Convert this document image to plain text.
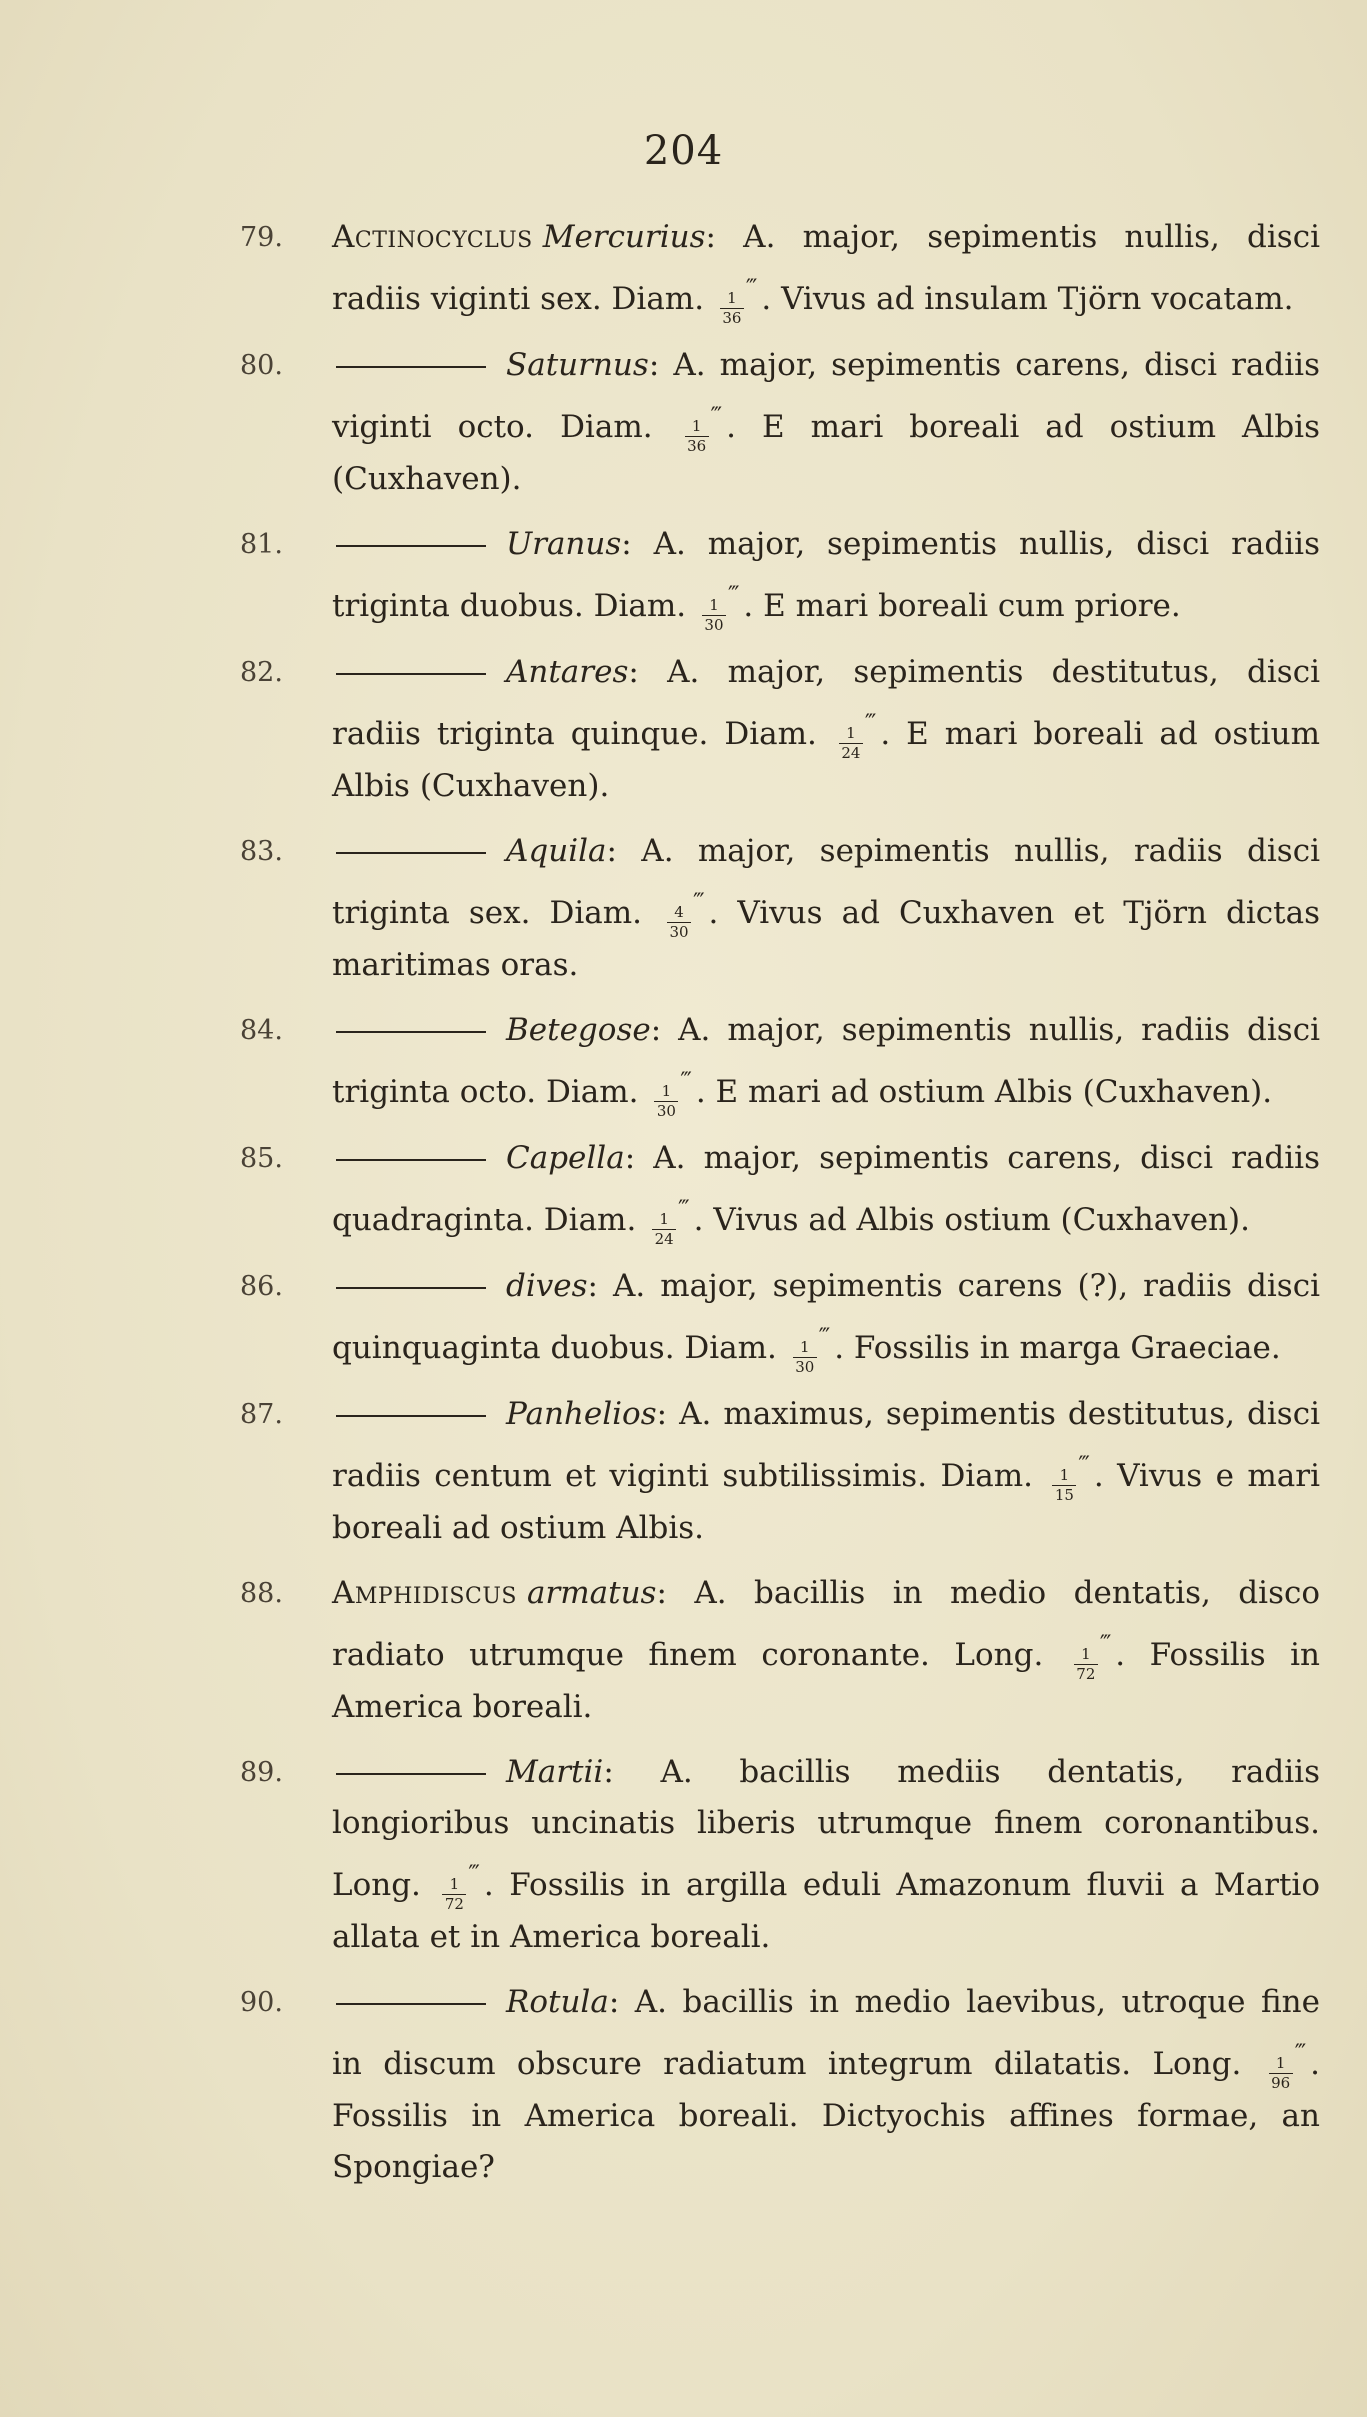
204
79 .	Actinocyclus Mercurius: A. major, sepimentis nullis, disci radiis viginti sex. Diam. $\frac{1}{36}$
‴ . Vivus ad insulam Tjörn vocatam.
80 .	Saturnus: A. major, sepimentis carens, disci radiis viginti octo. Diam. $\frac{1}{36}$
‴ . E mari boreali ad ostium Albis (Cuxhaven).
81 .	Uranus: A. major, sepimentis nullis, disci radiis triginta duobus. Diam. $\frac{1}{30}$
‴ . E mari boreali cum priore.
82 .	Antares: A. major, sepimentis destitutus, disci radiis triginta quinque. Diam. $\frac{1}{24}$
‴ . E mari boreali ad ostium Albis (Cuxhaven).
83 .	Aquila: A. major, sepimentis nullis, radiis disci triginta sex. Diam. $\frac{4}{30}$
‴ . Vivus ad Cuxhaven et Tjörn dictas maritimas oras.
84 .	Betegose: A. major, sepimentis nullis, radiis disci triginta octo. Diam. $\frac{1}{30}$
‴ . E mari ad ostium Albis (Cuxhaven).
85 .	Capella: A. major, sepimentis carens, disci radiis quadraginta. Diam. $\frac{1}{24}$
‴ . Vivus ad Albis ostium (Cuxhaven).
86 .	dives: A. major, sepimentis carens (?), radiis disci quinquaginta duobus. Diam. $\frac{1}{30}$
‴ . Fossilis in marga Graeciae.
87 .	Panhelios: A. maximus, sepimentis destitutus, disci radiis centum et viginti subtilissimis. Diam. $\frac{1}{15}$
‴ . Vivus e mari boreali ad ostium Albis.
88 .	Amphidiscus armatus: A. bacillis in medio dentatis, disco radiato utrumque finem coronante. Long. $\frac{1}{72}$
‴ . Fossilis in America boreali.
89 .	Martii: A. bacillis mediis dentatis, radiis longioribus uncinatis liberis utrumque finem coronantibus. Long. $\frac{1}{72}$
‴ . Fossilis in argilla eduli Amazonum fluvii a Martio allata et in America boreali.
90 .	Rotula: A. bacillis in medio laevibus, utroque fine in discum obscure radiatum integrum dilatatis. Long. $\frac{1}{96}$
‴ . Fossilis in America boreali. Dictyochis affines formae, an Spongiae?
